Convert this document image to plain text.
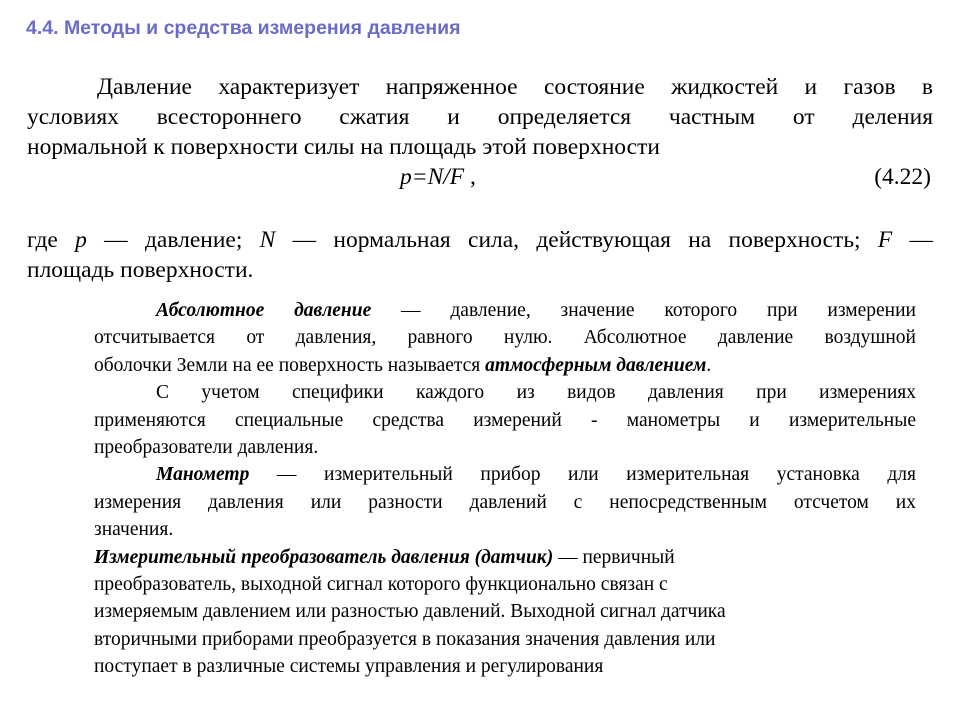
4.4. Методы и средства измерения давления
Давление характеризует напряженное состояние жидкостей и газов в
условиях всестороннего сжатия и определяется частным от деления
нормальной к поверхности силы на площадь этой поверхности
p=N/F ,	(4.22)
где p — давление; N — нормальная сила, действующая на поверхность; F —
площадь поверхности.
Абсолютное давление — давление, значение которого при измерении
отсчитывается от давления, равного нулю. Абсолютное давление воздушной
оболочки Земли на ее поверхность называется атмосферным давлением.
С учетом специфики каждого из видов давления при измерениях
применяются специальные средства измерений - манометры и измерительные
преобразователи давления.
Манометр — измерительный прибор или измерительная установка для
измерения давления или разности давлений с непосредственным отсчетом их
значения.
Измерительный преобразователь давления (датчик) — первичный
преобразователь, выходной сигнал которого функционально связан с
измеряемым давлением или разностью давлений. Выходной сигнал датчика
вторичными приборами преобразуется в показания значения давления или
поступает в различные системы управления и регулирования
